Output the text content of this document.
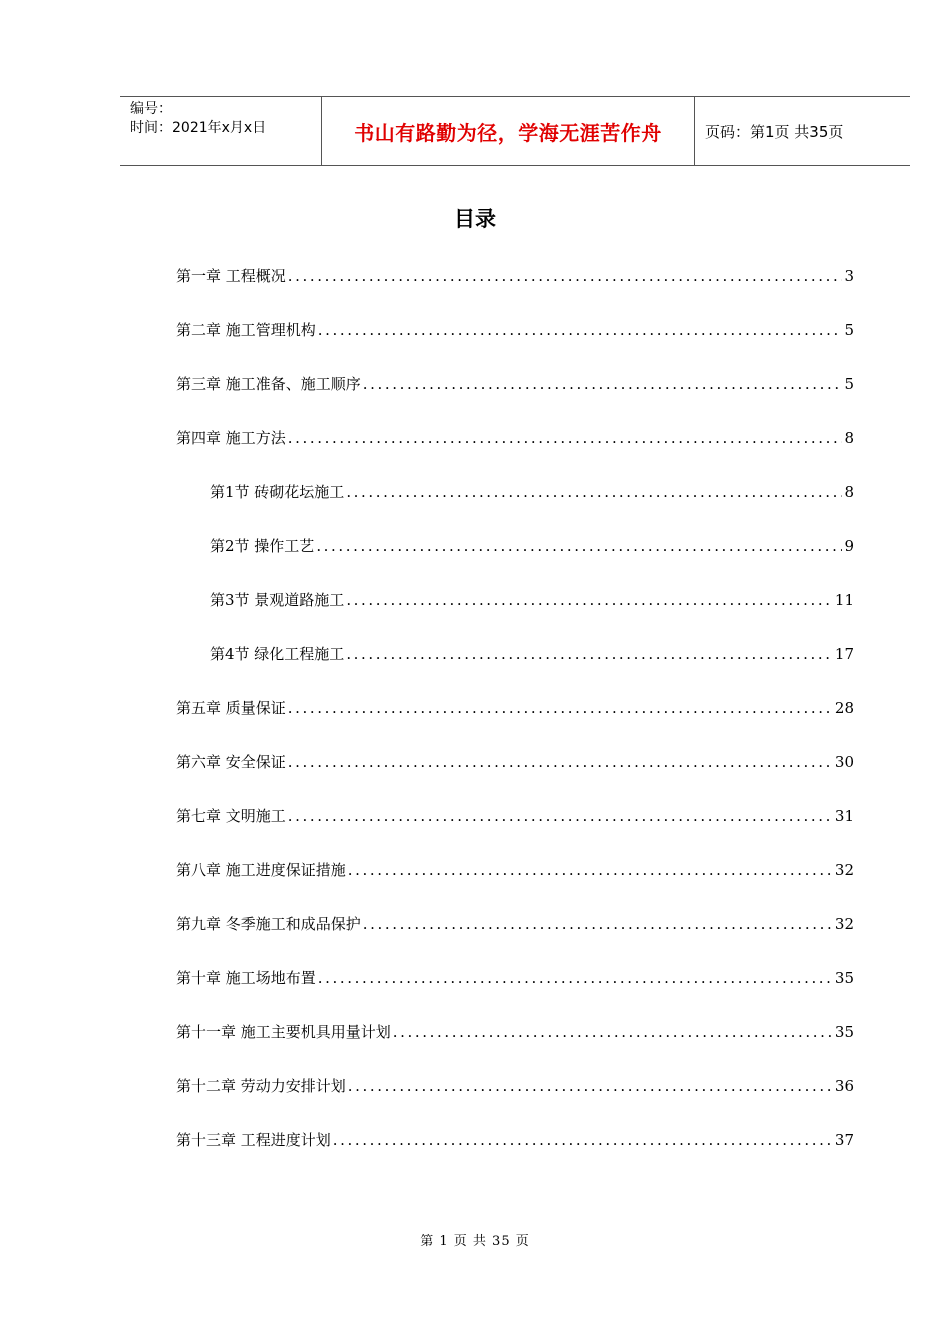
编号：
时间：2021年x月x日	书山有路勤为径，学海无涯苦作舟	页码：第1页 共35页
目录
第一章 工程概况 .....	3
第二章 施工管理机构 .....	5
第三章 施工准备、施工顺序 .....	5
第四章 施工方法 .....	8
第1节 砖砌花坛施工 .....	8
第2节 操作工艺 .....	9
第3节 景观道路施工 .....	11
第4节 绿化工程施工 .....	17
第五章 质量保证 .....	28
第六章 安全保证 .....	30
第七章 文明施工 .....	31
第八章 施工进度保证措施 .....	32
第九章 冬季施工和成品保护 .....	32
第十章 施工场地布置 .....	35
第十一章 施工主要机具用量计划 .....	35
第十二章 劳动力安排计划 .....	36
第十三章 工程进度计划 .....	37
第 1 页 共 35 页
